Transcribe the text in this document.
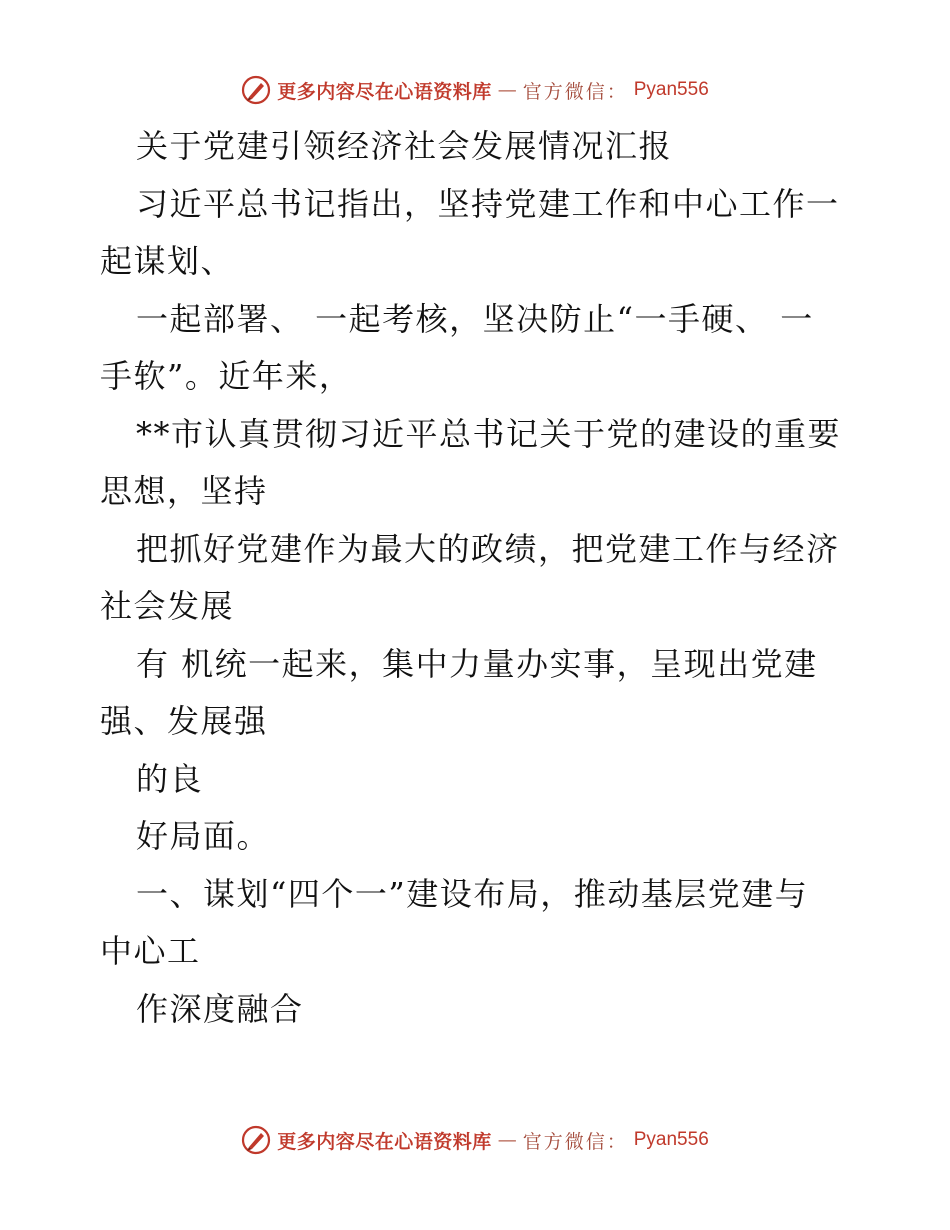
更多内容尽在心语资料库 — 官方微信： Pyan556
关于党建引领经济社会发展情况汇报
习近平总书记指出，坚持党建工作和中心工作一
起谋划、
一起部署、 一起考核，坚决防止“一手硬、 一
手软”。近年来，
**市认真贯彻习近平总书记关于党的建设的重要
思想，坚持
把抓好党建作为最大的政绩，把党建工作与经济
社会发展
有 机统一起来，集中力量办实事，呈现出党建
强、发展强
的良
好局面。
一、谋划“四个一”建设布局，推动基层党建与
中心工
作深度融合
更多内容尽在心语资料库 — 官方微信： Pyan556
